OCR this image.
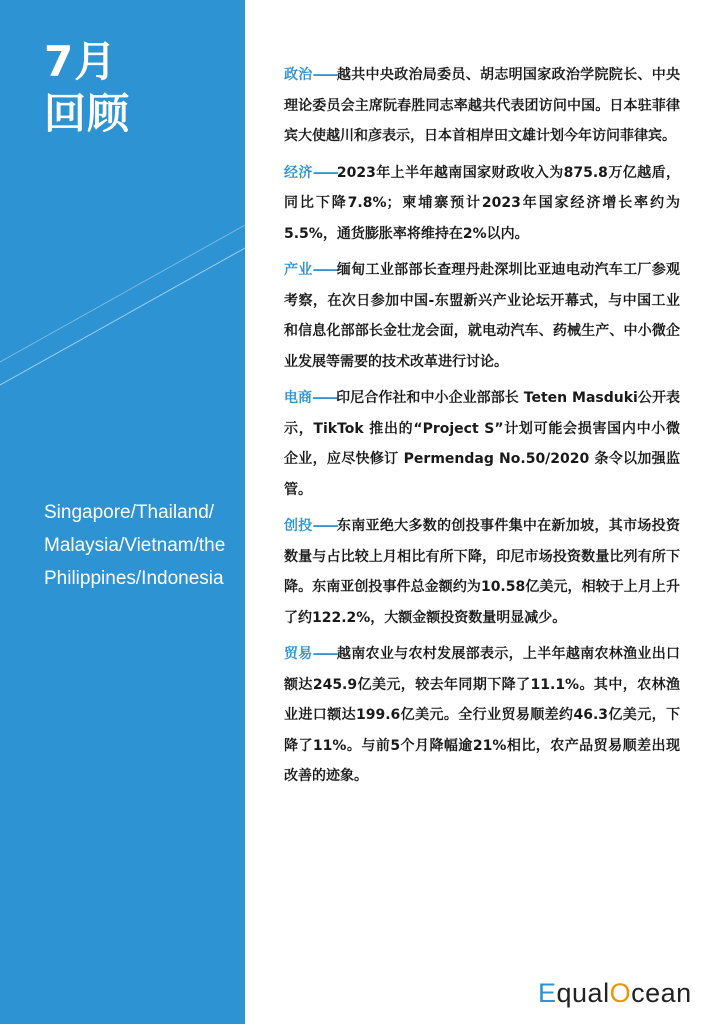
7月
回顾
Singapore/Thailand/Malaysia/Vietnam/the Philippines/Indonesia

政治——越共中央政治局委员、胡志明国家政治学院院长、中央理论委员会主席阮春胜同志率越共代表团访问中国。日本驻菲律宾大使越川和彦表示，日本首相岸田文雄计划今年访问菲律宾。

经济——2023年上半年越南国家财政收入为875.8万亿越盾，同比下降7.8%；柬埔寨预计2023年国家经济增长率约为5.5%，通货膨胀率将维持在2%以内。

产业——缅甸工业部部长查理丹赴深圳比亚迪电动汽车工厂参观考察，在次日参加中国-东盟新兴产业论坛开幕式，与中国工业和信息化部部长金壮龙会面，就电动汽车、药械生产、中小微企业发展等需要的技术改革进行讨论。

电商——印尼合作社和中小企业部部长 Teten Masduki公开表示，TikTok 推出的“Project S”计划可能会损害国内中小微企业，应尽快修订 Permendag No.50/2020 条令以加强监管。

创投——东南亚绝大多数的创投事件集中在新加坡，其市场投资数量与占比较上月相比有所下降，印尼市场投资数量比列有所下降。东南亚创投事件总金额约为10.58亿美元，相较于上月上升了约122.2%，大额金额投资数量明显减少。

贸易——越南农业与农村发展部表示，上半年越南农林渔业出口额达245.9亿美元，较去年同期下降了11.1%。其中，农林渔业进口额达199.6亿美元。全行业贸易顺差约46.3亿美元，下降了11%。与前5个月降幅逾21%相比，农产品贸易顺差出现改善的迹象。

EqualOcean
